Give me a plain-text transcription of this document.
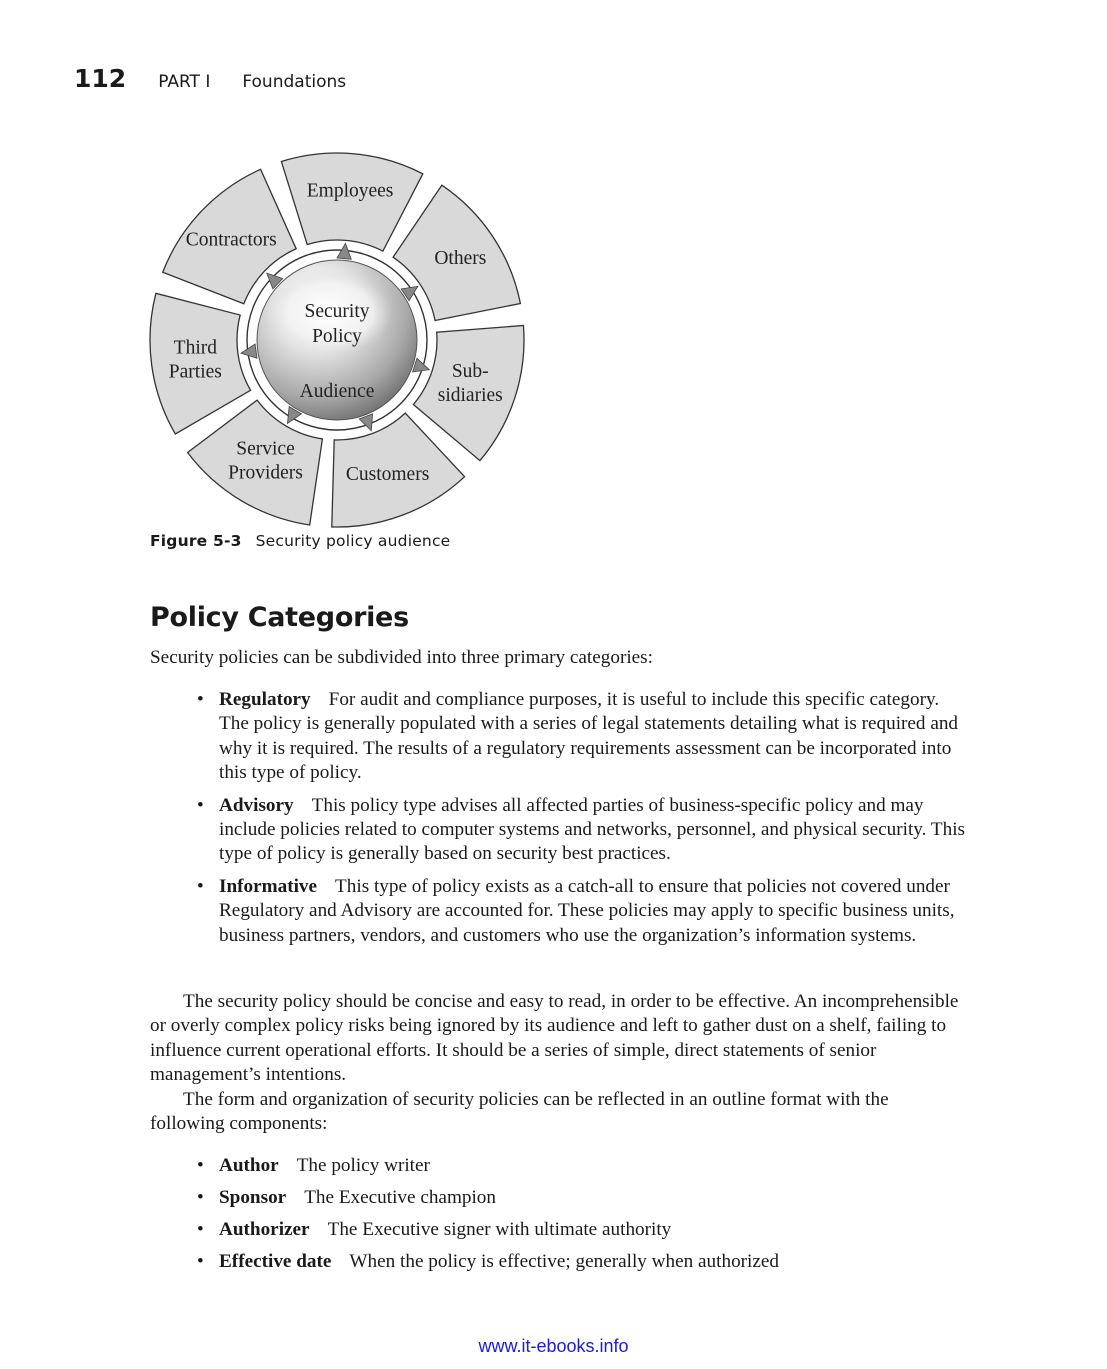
112 PART I Foundations
Security
Policy
Audience
Employees
Others
Sub-
sidiaries
Customers
Service
Providers
Third
Parties
Contractors
Figure 5-3 Security policy audience
Policy Categories
Security policies can be subdivided into three primary categories:
• Regulatory For audit and compliance purposes, it is useful to include this specific category. The policy is generally populated with a series of legal statements detailing what is required and why it is required. The results of a regulatory requirements assessment can be incorporated into this type of policy.
• Advisory This policy type advises all affected parties of business-specific policy and may include policies related to computer systems and networks, personnel, and physical security. This type of policy is generally based on security best practices.
• Informative This type of policy exists as a catch-all to ensure that policies not covered under Regulatory and Advisory are accounted for. These policies may apply to specific business units, business partners, vendors, and customers who use the organization’s information systems.

The security policy should be concise and easy to read, in order to be effective. An incomprehensible or overly complex policy risks being ignored by its audience and left to gather dust on a shelf, failing to influence current operational efforts. It should be a series of simple, direct statements of senior management’s intentions.

The form and organization of security policies can be reflected in an outline format with the following components:

• Author The policy writer
• Sponsor The Executive champion
• Authorizer The Executive signer with ultimate authority
• Effective date When the policy is effective; generally when authorized
www.it-ebooks.info
